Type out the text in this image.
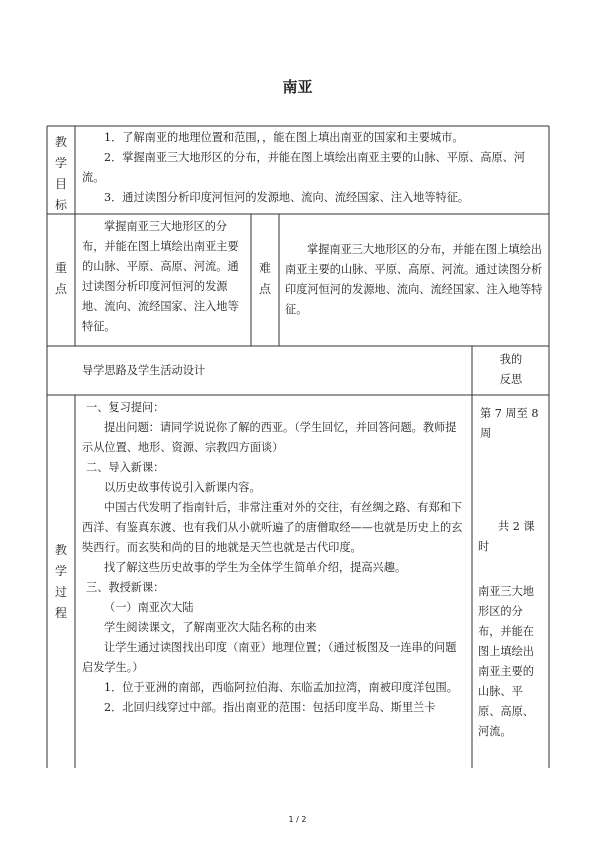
南亚
教学目标

1．了解南亚的地理位置和范围，，能在图上填出南亚的国家和主要城市。

2．掌握南亚三大地形区的分布，并能在图上填绘出南亚主要的山脉、平原、高原、河流。

3．通过读图分析印度河恒河的发源地、流向、流经国家、注入地等特征。

重点

掌握南亚三大地形区的分布，并能在图上填绘出南亚主要的山脉、平原、高原、河流。通过读图分析印度河恒河的发源地、流向、流经国家、注入地等特征。

难点

掌握南亚三大地形区的分布，并能在图上填绘出南亚主要的山脉、平原、高原、河流。通过读图分析印度河恒河的发源地、流向、流经国家、注入地等特征。

导学思路及学生活动设计
我的反思
教学过程

一、复习提问：

提出问题：请同学说说你了解的西亚。（学生回忆，并回答问题。教师提示从位置、地形、资源、宗教四方面谈）

二、导入新课：

以历史故事传说引入新课内容。

中国古代发明了指南针后，非常注重对外的交往，有丝绸之路、有郑和下西洋、有鉴真东渡、也有我们从小就听遍了的唐僧取经——也就是历史上的玄奘西行。而玄奘和尚的目的地就是天竺也就是古代印度。

找了解这些历史故事的学生为全体学生简单介绍，提高兴趣。

三、教授新课：

（一）南亚次大陆

学生阅读课文，了解南亚次大陆名称的由来

让学生通过读图找出印度（南亚）地理位置；（通过板图及一连串的问题启发学生。）

1．位于亚洲的南部，西临阿拉伯海、东临孟加拉湾，南被印度洋包围。

2．北回归线穿过中部。指出南亚的范围：包括印度半岛、斯里兰卡

第 7 周至 8 周
共 2 课时
南亚三大地形区的分布，并能在图上填绘出南亚主要的山脉、平原、高原、河流。
1 / 2
